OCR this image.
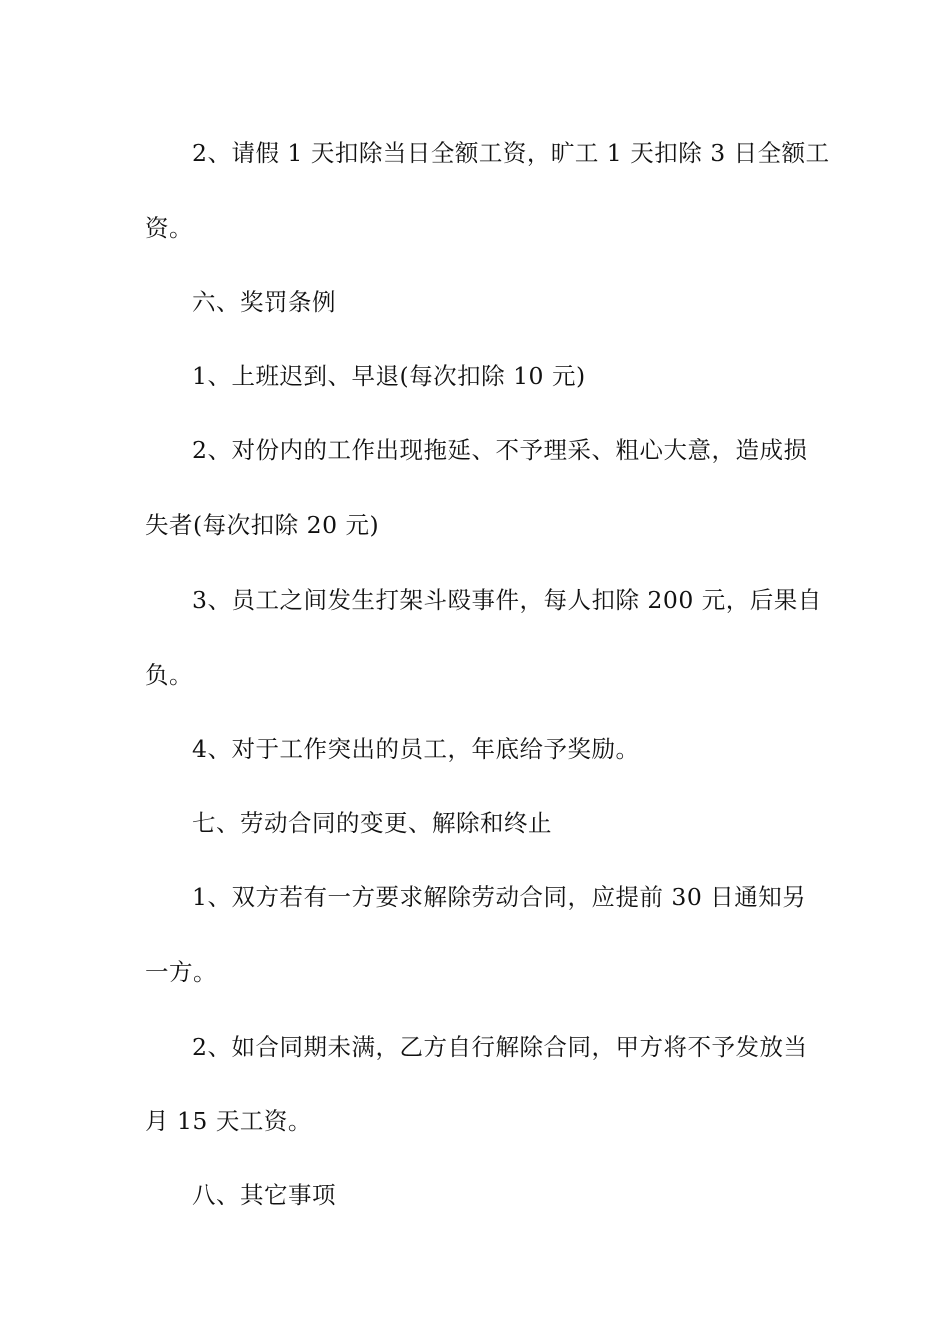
2、请假 1 天扣除当日全额工资，旷工 1 天扣除 3 日全额工
资。
六、奖罚条例
1、上班迟到、早退(每次扣除 10 元)
2、对份内的工作出现拖延、不予理采、粗心大意，造成损
失者(每次扣除 20 元)
3、员工之间发生打架斗殴事件，每人扣除 200 元，后果自
负。
4、对于工作突出的员工，年底给予奖励。
七、劳动合同的变更、解除和终止
1、双方若有一方要求解除劳动合同，应提前 30 日通知另
一方。
2、如合同期未满，乙方自行解除合同，甲方将不予发放当
月 15 天工资。
八、其它事项
